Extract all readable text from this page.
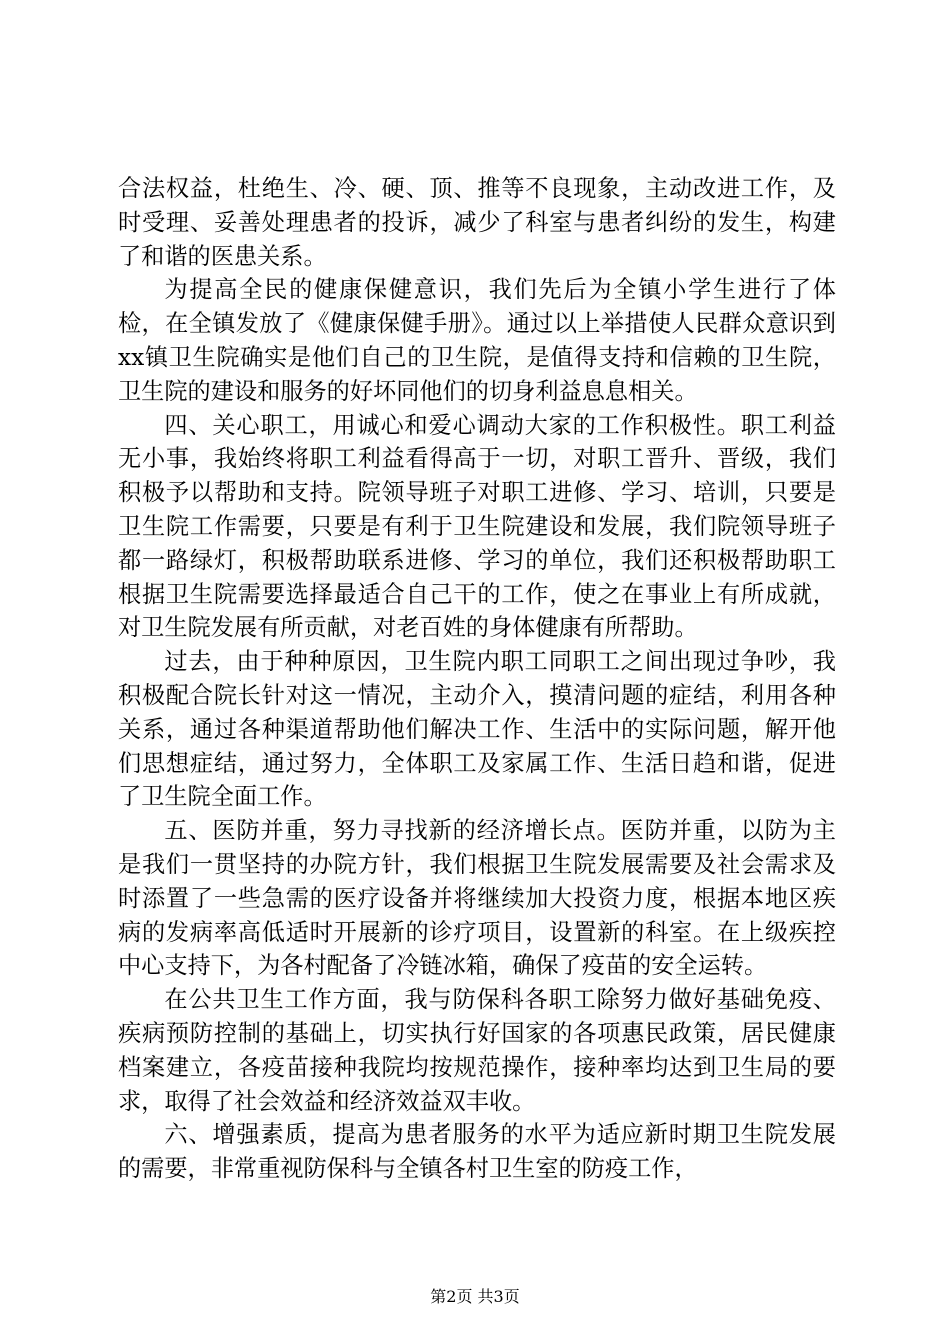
合法权益，杜绝生、冷、硬、顶、推等不良现象，主动改进工作，及时受理、妥善处理患者的投诉，减少了科室与患者纠纷的发生，构建了和谐的医患关系。

为提高全民的健康保健意识，我们先后为全镇小学生进行了体检，在全镇发放了《健康保健手册》。通过以上举措使人民群众意识到xx镇卫生院确实是他们自己的卫生院，是值得支持和信赖的卫生院，卫生院的建设和服务的好坏同他们的切身利益息息相关。

四、关心职工，用诚心和爱心调动大家的工作积极性。职工利益无小事，我始终将职工利益看得高于一切，对职工晋升、晋级，我们积极予以帮助和支持。院领导班子对职工进修、学习、培训，只要是卫生院工作需要，只要是有利于卫生院建设和发展，我们院领导班子都一路绿灯，积极帮助联系进修、学习的单位，我们还积极帮助职工根据卫生院需要选择最适合自己干的工作，使之在事业上有所成就，对卫生院发展有所贡献，对老百姓的身体健康有所帮助。

过去，由于种种原因，卫生院内职工同职工之间出现过争吵，我积极配合院长针对这一情况，主动介入，摸清问题的症结，利用各种关系，通过各种渠道帮助他们解决工作、生活中的实际问题，解开他们思想症结，通过努力，全体职工及家属工作、生活日趋和谐，促进了卫生院全面工作。

五、医防并重，努力寻找新的经济增长点。医防并重，以防为主是我们一贯坚持的办院方针，我们根据卫生院发展需要及社会需求及时添置了一些急需的医疗设备并将继续加大投资力度，根据本地区疾病的发病率高低适时开展新的诊疗项目，设置新的科室。在上级疾控中心支持下，为各村配备了冷链冰箱，确保了疫苗的安全运转。

在公共卫生工作方面，我与防保科各职工除努力做好基础免疫、疾病预防控制的基础上，切实执行好国家的各项惠民政策，居民健康档案建立，各疫苗接种我院均按规范操作，接种率均达到卫生局的要求，取得了社会效益和经济效益双丰收。

六、增强素质，提高为患者服务的水平为适应新时期卫生院发展的需要，非常重视防保科与全镇各村卫生室的防疫工作，

第2页 共3页
